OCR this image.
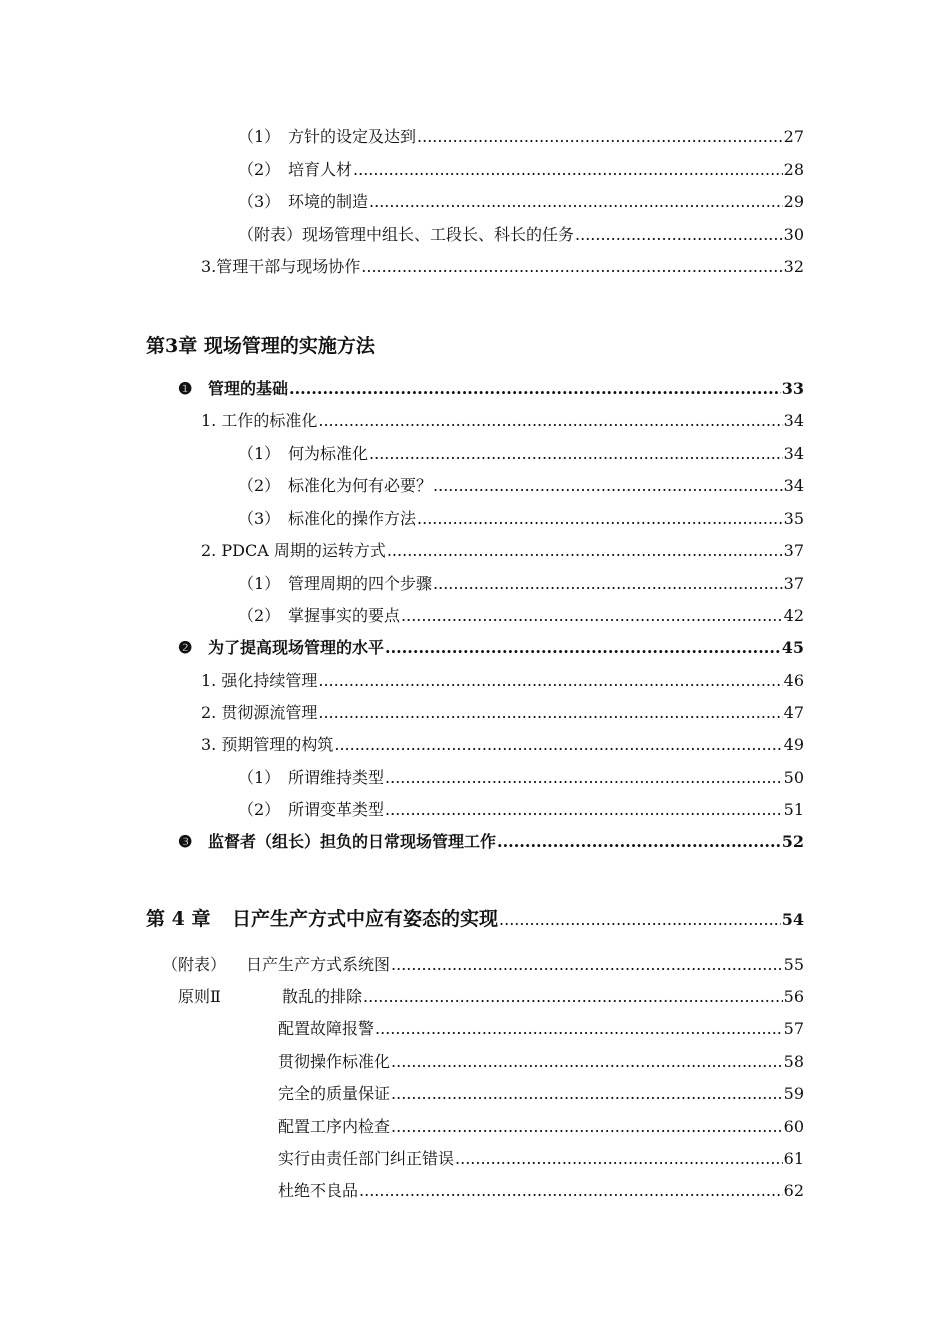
（1） 方针的设定及达到 .....	27
（2） 培育人材 .....	28
（3） 环境的制造 .....	29
（附表）现场管理中组长、工段长、科长的任务 .....	30
3.管理干部与现场协作 .....	32
第3章 现场管理的实施方法
❶ 管理的基础 .....	33
1. 工作的标准化 .....	34
（1） 何为标准化 .....	34
（2） 标准化为何有必要？ .....	34
（3） 标准化的操作方法 .....	35
2. PDCA 周期的运转方式 .....	37
（1） 管理周期的四个步骤 .....	37
（2） 掌握事实的要点 .....	42
❷ 为了提高现场管理的水平 .....	45
1. 强化持续管理 .....	46
2. 贯彻源流管理 .....	47
3. 预期管理的构筑 .....	49
（1） 所谓维持类型 .....	50
（2） 所谓变革类型 .....	51
❸ 监督者（组长）担负的日常现场管理工作 .....	52
第 4 章	日产生产方式中应有姿态的实现 .....	54
（附表）	日产生产方式系统图 .....	55
原则Ⅱ	散乱的排除 .....	56
配置故障报警 .....	57
贯彻操作标准化 .....	58
完全的质量保证 .....	59
配置工序内检查 .....	60
实行由责任部门纠正错误 .....	61
杜绝不良品 .....	62
